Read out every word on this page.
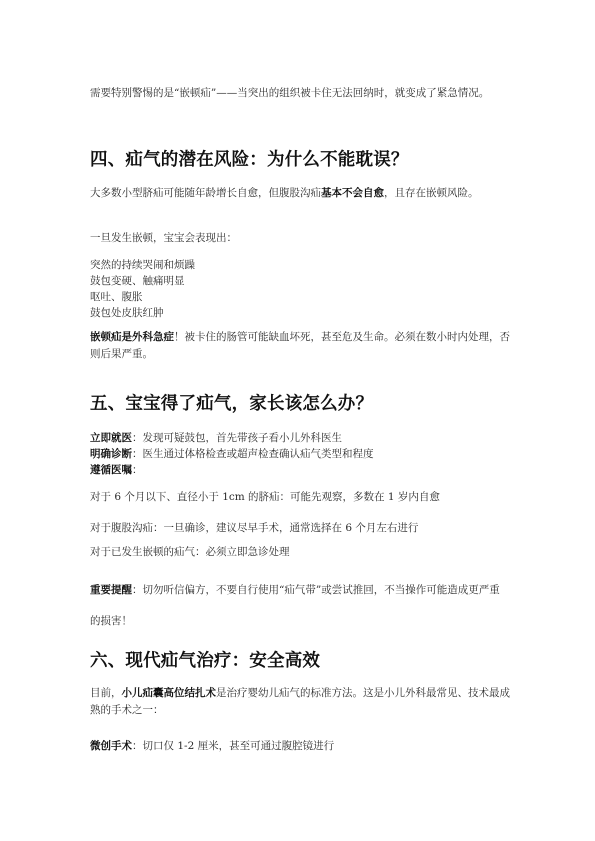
需要特别警惕的是“嵌顿疝”——当突出的组织被卡住无法回纳时，就变成了紧急情况。
四、疝气的潜在风险：为什么不能耽误？
大多数小型脐疝可能随年龄增长自愈，但腹股沟疝基本不会自愈，且存在嵌顿风险。
一旦发生嵌顿，宝宝会表现出：
突然的持续哭闹和烦躁
鼓包变硬、触痛明显
呕吐、腹胀
鼓包处皮肤红肿
嵌顿疝是外科急症！被卡住的肠管可能缺血坏死，甚至危及生命。必须在数小时内处理，否则后果严重。
五、宝宝得了疝气，家长该怎么办？
立即就医：发现可疑鼓包，首先带孩子看小儿外科医生
明确诊断：医生通过体格检查或超声检查确认疝气类型和程度
遵循医嘱：
对于 6 个月以下、直径小于 1cm 的脐疝：可能先观察，多数在 1 岁内自愈
对于腹股沟疝：一旦确诊，建议尽早手术，通常选择在 6 个月左右进行
对于已发生嵌顿的疝气：必须立即急诊处理
重要提醒：切勿听信偏方，不要自行使用“疝气带”或尝试推回，不当操作可能造成更严重的损害！
六、现代疝气治疗：安全高效
目前，小儿疝囊高位结扎术是治疗婴幼儿疝气的标准方法。这是小儿外科最常见、技术最成熟的手术之一：
微创手术：切口仅 1-2 厘米，甚至可通过腹腔镜进行
